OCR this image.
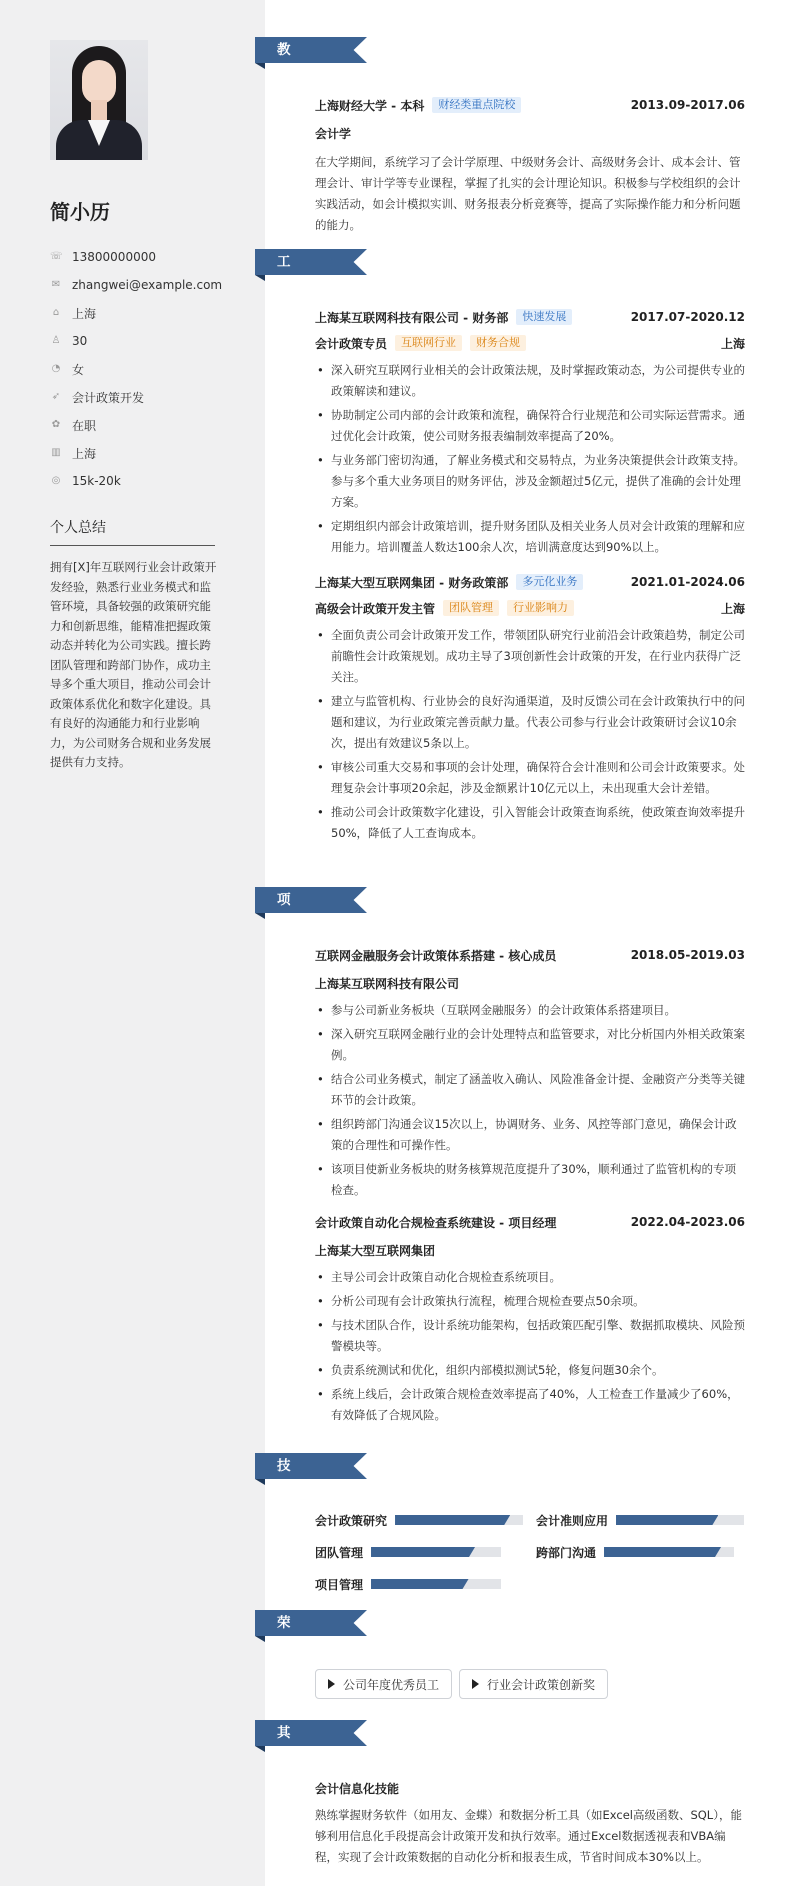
简小历
☏ 13800000000
✉ zhangwei@example.com
⌂ 上海
♙ 30
◔ 女
➶ 会计政策开发
✿ 在职
▥ 上海
◎ 15k-20k
个人总结
拥有[X]年互联网行业会计政策开发经验，熟悉行业业务模式和监管环境，具备较强的政策研究能力和创新思维，能精准把握政策动态并转化为公司实践。擅长跨团队管理和跨部门协作，成功主导多个重大项目，推动公司会计政策体系优化和数字化建设。具有良好的沟通能力和行业影响力，为公司财务合规和业务发展提供有力支持。
教育经历
上海财经大学 - 本科	财经类重点院校	2013.09-2017.06
会计学
在大学期间，系统学习了会计学原理、中级财务会计、高级财务会计、成本会计、管理会计、审计学等专业课程，掌握了扎实的会计理论知识。积极参与学校组织的会计实践活动，如会计模拟实训、财务报表分析竞赛等，提高了实际操作能力和分析问题的能力。
工作经历
上海某互联网科技有限公司 - 财务部	快速发展	2017.07-2020.12
会计政策专员	互联网行业	财务合规	上海
• 深入研究互联网行业相关的会计政策法规，及时掌握政策动态，为公司提供专业的政策解读和建议。
• 协助制定公司内部的会计政策和流程，确保符合行业规范和公司实际运营需求。通过优化会计政策，使公司财务报表编制效率提高了20%。
• 与业务部门密切沟通，了解业务模式和交易特点，为业务决策提供会计政策支持。参与多个重大业务项目的财务评估，涉及金额超过5亿元，提供了准确的会计处理方案。
• 定期组织内部会计政策培训，提升财务团队及相关业务人员对会计政策的理解和应用能力。培训覆盖人数达100余人次，培训满意度达到90%以上。
上海某大型互联网集团 - 财务政策部	多元化业务	2021.01-2024.06
高级会计政策开发主管	团队管理	行业影响力	上海
• 全面负责公司会计政策开发工作，带领团队研究行业前沿会计政策趋势，制定公司前瞻性会计政策规划。成功主导了3项创新性会计政策的开发，在行业内获得广泛关注。
• 建立与监管机构、行业协会的良好沟通渠道，及时反馈公司在会计政策执行中的问题和建议，为行业政策完善贡献力量。代表公司参与行业会计政策研讨会议10余次，提出有效建议5条以上。
• 审核公司重大交易和事项的会计处理，确保符合会计准则和公司会计政策要求。处理复杂会计事项20余起，涉及金额累计10亿元以上，未出现重大会计差错。
• 推动公司会计政策数字化建设，引入智能会计政策查询系统，使政策查询效率提升50%，降低了人工查询成本。
项目经历
互联网金融服务会计政策体系搭建 - 核心成员	2018.05-2019.03
上海某互联网科技有限公司
• 参与公司新业务板块（互联网金融服务）的会计政策体系搭建项目。
• 深入研究互联网金融行业的会计处理特点和监管要求，对比分析国内外相关政策案例。
• 结合公司业务模式，制定了涵盖收入确认、风险准备金计提、金融资产分类等关键环节的会计政策。
• 组织跨部门沟通会议15次以上，协调财务、业务、风控等部门意见，确保会计政策的合理性和可操作性。
• 该项目使新业务板块的财务核算规范度提升了30%，顺利通过了监管机构的专项检查。
会计政策自动化合规检查系统建设 - 项目经理	2022.04-2023.06
上海某大型互联网集团
• 主导公司会计政策自动化合规检查系统项目。
• 分析公司现有会计政策执行流程，梳理合规检查要点50余项。
• 与技术团队合作，设计系统功能架构，包括政策匹配引擎、数据抓取模块、风险预警模块等。
• 负责系统测试和优化，组织内部模拟测试5轮，修复问题30余个。
• 系统上线后，会计政策合规检查效率提高了40%，人工检查工作量减少了60%，有效降低了合规风险。
技能专长
会计政策研究	会计准则应用
团队管理	跨部门沟通
项目管理
荣誉奖项
公司年度优秀员工	行业会计政策创新奖
其他信息
会计信息化技能
熟练掌握财务软件（如用友、金蝶）和数据分析工具（如Excel高级函数、SQL），能够利用信息化手段提高会计政策开发和执行效率。通过Excel数据透视表和VBA编程，实现了会计政策数据的自动化分析和报表生成，节省时间成本30%以上。
